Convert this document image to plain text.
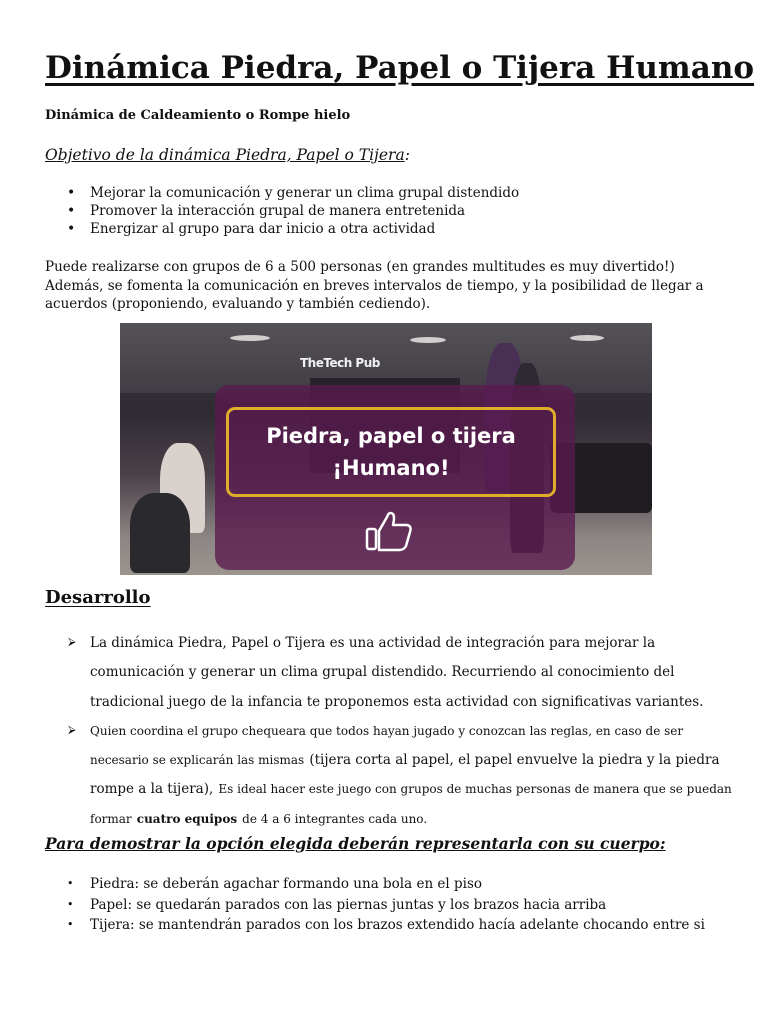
Dinámica Piedra, Papel o Tijera Humano

Dinámica de Caldeamiento o Rompe hielo

Objetivo de la dinámica Piedra, Papel o Tijera:
• Mejorar la comunicación y generar un clima grupal distendido
• Promover la interacción grupal de manera entretenida
• Energizar al grupo para dar inicio a otra actividad

Puede realizarse con grupos de 6 a 500 personas (en grandes multitudes es muy divertido!) Además, se fomenta la comunicación en breves intervalos de tiempo, y la posibilidad de llegar a acuerdos (proponiendo, evaluando y también cediendo).

TheTech Pub
Piedra, papel o tijera
¡Humano!
Desarrollo
⮚ La dinámica Piedra, Papel o Tijera es una actividad de integración para mejorar la comunicación y generar un clima grupal distendido. Recurriendo al conocimiento del tradicional juego de la infancia te proponemos esta actividad con significativas variantes.
⮚ Quien coordina el grupo chequeara que todos hayan jugado y conozcan las reglas, en caso de ser necesario se explicarán las mismas (tijera corta al papel, el papel envuelve la piedra y la piedra rompe a la tijera), Es ideal hacer este juego con grupos de muchas personas de manera que se puedan formar cuatro equipos de 4 a 6 integrantes cada uno.
Para demostrar la opción elegida deberán representarla con su cuerpo:
• Piedra: se deberán agachar formando una bola en el piso
• Papel: se quedarán parados con las piernas juntas y los brazos hacia arriba
• Tijera: se mantendrán parados con los brazos extendido hacía adelante chocando entre si
